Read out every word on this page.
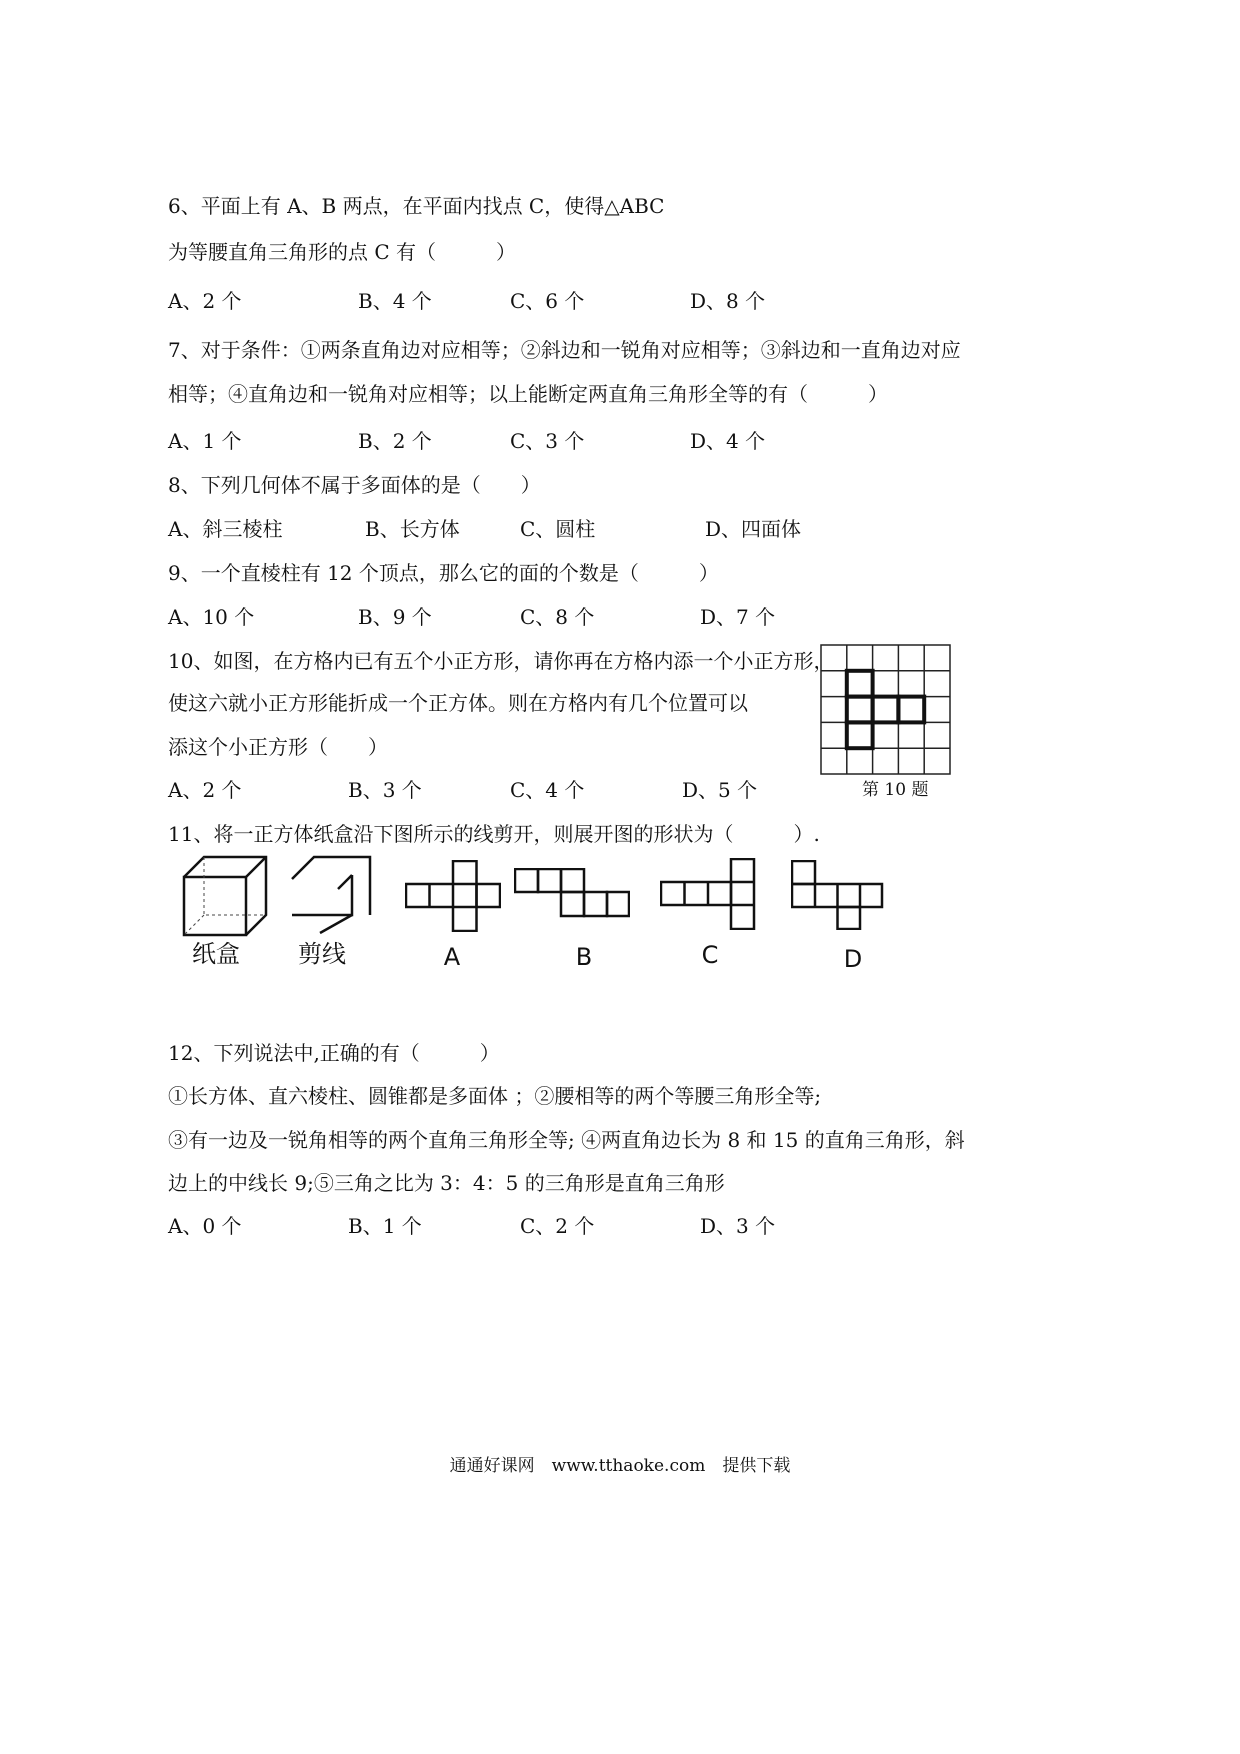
6、平面上有 A、B 两点，在平面内找点 C，使得△ABC
为等腰直角三角形的点 C 有（　　　）
A、2 个	B、4 个	C、6 个	D、8 个
7、对于条件：①两条直角边对应相等；②斜边和一锐角对应相等；③斜边和一直角边对应
相等；④直角边和一锐角对应相等；以上能断定两直角三角形全等的有（　　　）
A、1 个	B、2 个	C、3 个	D、4 个
8、下列几何体不属于多面体的是（　　）
A、斜三棱柱	B、长方体	C、圆柱	D、四面体
9、一个直棱柱有 12 个顶点，那么它的面的个数是（　　　）
A、10 个	B、9 个	C、8 个	D、7 个
10、如图，在方格内已有五个小正方形，请你再在方格内添一个小正方形，
使这六就小正方形能折成一个正方体。则在方格内有几个位置可以
添这个小正方形（　　）
A、2 个	B、3 个	C、4 个	D、5 个	第 10 题
11、将一正方体纸盒沿下图所示的线剪开，则展开图的形状为（　　　）.
纸盒	剪线	A	B	C	D
12、下列说法中,正确的有（　　　）
①长方体、直六棱柱、圆锥都是多面体 ；②腰相等的两个等腰三角形全等;
③有一边及一锐角相等的两个直角三角形全等; ④两直角边长为 8 和 15 的直角三角形，斜
边上的中线长 9;⑤三角之比为 3：4：5 的三角形是直角三角形
A、0 个	B、1 个	C、2 个	D、3 个
通通好课网　www.tthaoke.com　提供下载
